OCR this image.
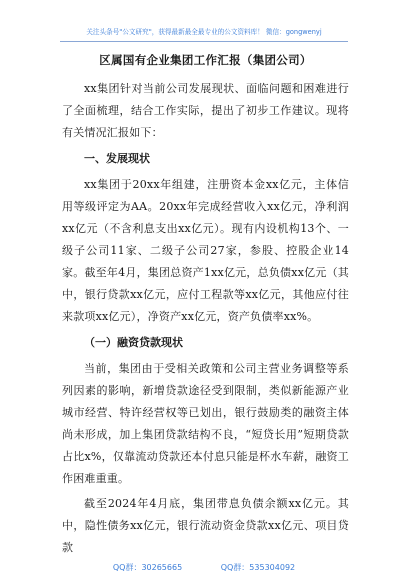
关注头条号"公文研究"，获得最新最全最专业的公文资料库！ 微信：gongwenyj
区属国有企业集团工作汇报（集团公司）

xx集团针对当前公司发展现状、面临问题和困难进行了全面梳理，结合工作实际，提出了初步工作建议。现将有关情况汇报如下：

一、发展现状

xx集团于20xx年组建，注册资本金xx亿元，主体信用等级评定为AA。20xx年完成经营收入xx亿元，净利润xx亿元（不含利息支出xx亿元）。现有内设机构13个、一级子公司11家、二级子公司27家，参股、控股企业14家。截至年4月，集团总资产1xx亿元，总负债xx亿元（其中，银行贷款xx亿元，应付工程款等xx亿元，其他应付往来款项xx亿元），净资产xx亿元，资产负债率xx%。

（一）融资贷款现状

当前，集团由于受相关政策和公司主营业务调整等系列因素的影响，新增贷款途径受到限制，类似新能源产业城市经营、特许经营权等已划出，银行鼓励类的融资主体尚未形成，加上集团贷款结构不良，“短贷长用”短期贷款占比x%，仅靠流动贷款还本付息只能是杯水车薪，融资工作困难重重。

截至2024年4月底，集团带息负债余额xx亿元。其中，隐性债务xx亿元，银行流动资金贷款xx亿元、项目贷款

QQ群：30265665	QQ群：535304092
